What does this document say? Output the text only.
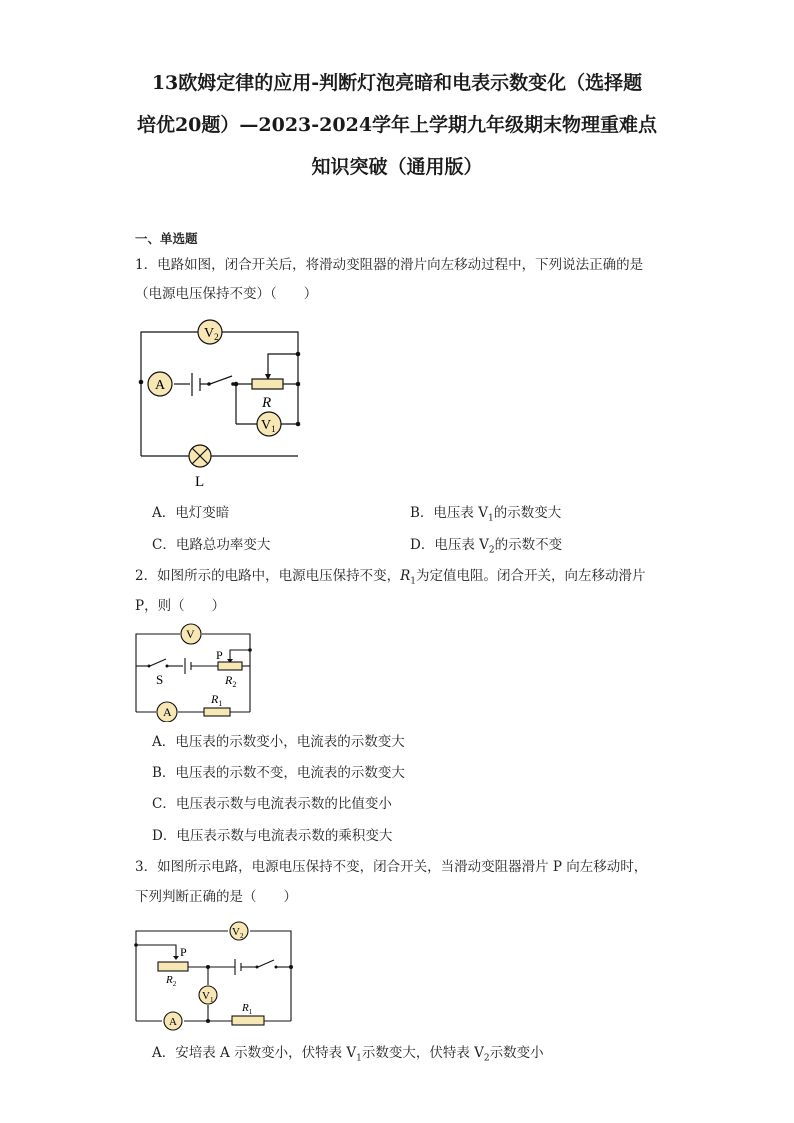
13欧姆定律的应用-判断灯泡亮暗和电表示数变化（选择题
培优20题）—2023-2024学年上学期九年级期末物理重难点
知识突破（通用版）
一、单选题
1．电路如图，闭合开关后，将滑动变阻器的滑片向左移动过程中，下列说法正确的是
（电源电压保持不变）（　　）
$V_2$
A
$V_1$
R
L
A．电灯变暗	B．电压表 $V_1$的示数变大
C．电路总功率变大	D．电压表 $V_2$的示数不变
2．如图所示的电路中，电源电压保持不变，$R_1$为定值电阻。闭合开关，向左移动滑片
P，则（　　）
V
A
P
S	$R_2$
$R_1$
A．电压表的示数变小，电流表的示数变大
B．电压表的示数不变，电流表的示数变大
C．电压表示数与电流表示数的比值变小
D．电压表示数与电流表示数的乘积变大
3．如图所示电路，电源电压保持不变，闭合开关，当滑动变阻器滑片 P 向左移动时，
下列判断正确的是（　　）
$V_2$
$V_1$
A
P
$R_2$
$R_1$
A．安培表 A 示数变小，伏特表 $V_1$示数变大，伏特表 $V_2$示数变小
